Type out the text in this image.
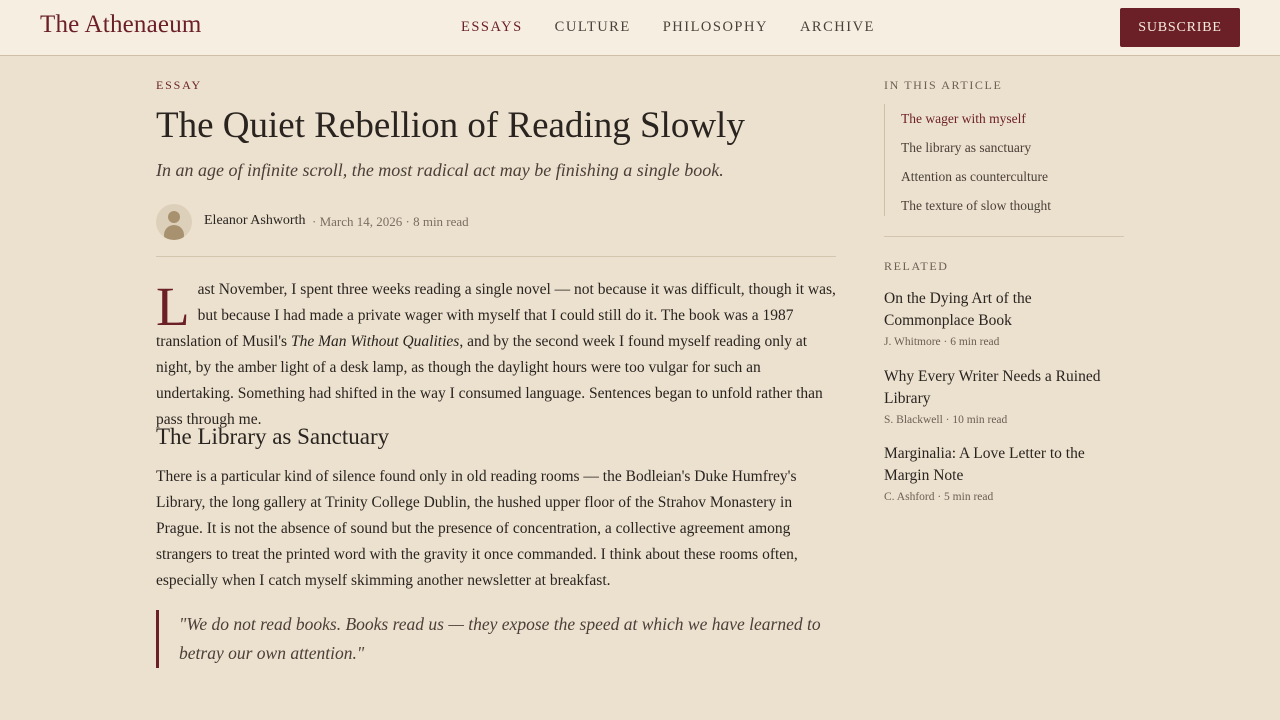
The Athenaeum	ESSAYS CULTURE PHILOSOPHY ARCHIVE	SUBSCRIBE
ESSAY
The Quiet Rebellion of Reading Slowly

In an age of infinite scroll, the most radical act may be finishing a single book.

Eleanor Ashworth · March 14, 2026 · 8 min read

Last November, I spent three weeks reading a single novel — not because it was difficult, though it was, but because I had made a private wager with myself that I could still do it. The book was a 1987 translation of Musil's The Man Without Qualities, and by the second week I found myself reading only at night, by the amber light of a desk lamp, as though the daylight hours were too vulgar for such an undertaking. Something had shifted in the way I consumed language. Sentences began to unfold rather than pass through me.

The Library as Sanctuary

There is a particular kind of silence found only in old reading rooms — the Bodleian's Duke Humfrey's Library, the long gallery at Trinity College Dublin, the hushed upper floor of the Strahov Monastery in Prague. It is not the absence of sound but the presence of concentration, a collective agreement among strangers to treat the printed word with the gravity it once commanded. I think about these rooms often, especially when I catch myself skimming another newsletter at breakfast.

"We do not read books. Books read us — they expose the speed at which we have learned to betray our own attention."
IN THIS ARTICLE
The wager with myself
The library as sanctuary
Attention as counterculture
The texture of slow thought
RELATED
On the Dying Art of the Commonplace Book
J. Whitmore · 6 min read
Why Every Writer Needs a Ruined Library
S. Blackwell · 10 min read
Marginalia: A Love Letter to the Margin Note
C. Ashford · 5 min read
